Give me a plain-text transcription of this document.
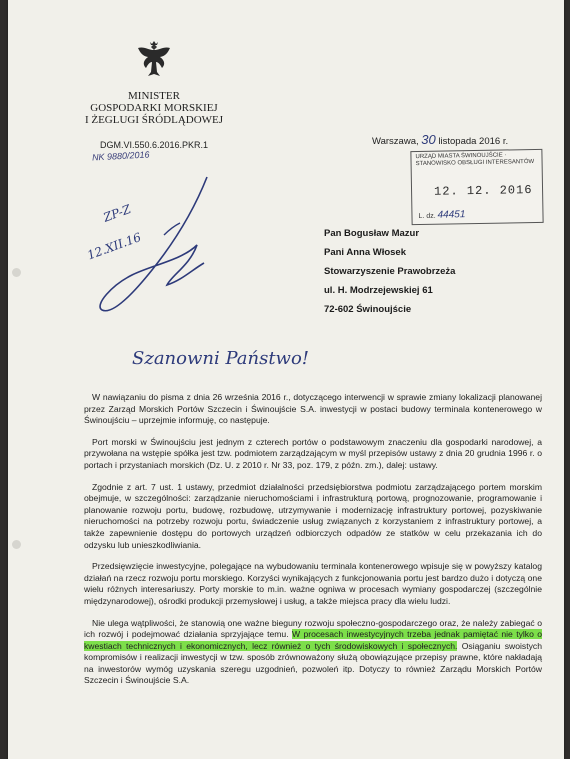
MINISTER
GOSPODARKI MORSKIEJ
I ŻEGLUGI ŚRÓDLĄDOWEJ
DGM.VI.550.6.2016.PKR.1
NK 9880/2016
Warszawa, 30 listopada 2016 r.
URZĄD MIASTA ŚWINOUJŚCIE · STANOWISKO OBSŁUGI INTERESANTÓW
12. 12. 2016
L. dz. 44451
Pan Bogusław Mazur
Pani Anna Włosek
Stowarzyszenie Prawobrzeża
ul. H. Modrzejewskiej 61
72-602 Świnoujście
ZP-Z
12.XII.16
Szanowni Państwo!

W nawiązaniu do pisma z dnia 26 września 2016 r., dotyczącego interwencji w sprawie zmiany lokalizacji planowanej przez Zarząd Morskich Portów Szczecin i Świnoujście S.A. inwestycji w postaci budowy terminala kontenerowego w Świnoujściu – uprzejmie informuję, co następuje.

Port morski w Świnoujściu jest jednym z czterech portów o podstawowym znaczeniu dla gospodarki narodowej, a przywołana na wstępie spółka jest tzw. podmiotem zarządzającym w myśl przepisów ustawy z dnia 20 grudnia 1996 r. o portach i przystaniach morskich (Dz. U. z 2010 r. Nr 33, poz. 179, z późn. zm.), dalej: ustawy.

Zgodnie z art. 7 ust. 1 ustawy, przedmiot działalności przedsiębiorstwa podmiotu zarządzającego portem morskim obejmuje, w szczególności: zarządzanie nieruchomościami i infrastrukturą portową, prognozowanie, programowanie i planowanie rozwoju portu, budowę, rozbudowę, utrzymywanie i modernizację infrastruktury portowej, pozyskiwanie nieruchomości na potrzeby rozwoju portu, świadczenie usług związanych z korzystaniem z infrastruktury portowej, a także zapewnienie dostępu do portowych urządzeń odbiorczych odpadów ze statków w celu przekazania ich do odzysku lub unieszkodliwiania.

Przedsięwzięcie inwestycyjne, polegające na wybudowaniu terminala kontenerowego wpisuje się w powyższy katalog działań na rzecz rozwoju portu morskiego. Korzyści wynikających z funkcjonowania portu jest bardzo dużo i dotyczą one wielu różnych interesariuszy. Porty morskie to m.in. ważne ogniwa w procesach wymiany gospodarczej (szczególnie międzynarodowej), ośrodki produkcji przemysłowej i usług, a także miejsca pracy dla wielu ludzi.

Nie ulega wątpliwości, że stanowią one ważne bieguny rozwoju społeczno-gospodarczego oraz, że należy zabiegać o ich rozwój i podejmować działania sprzyjające temu. W procesach inwestycyjnych trzeba jednak pamiętać nie tylko o kwestiach technicznych i ekonomicznych, lecz również o tych środowiskowych i społecznych. Osiąganiu swoistych kompromisów i realizacji inwestycji w tzw. sposób zrównoważony służą obowiązujące przepisy prawne, które nakładają na inwestorów wymóg uzyskania szeregu uzgodnień, pozwoleń itp. Dotyczy to również Zarządu Morskich Portów Szczecin i Świnoujście S.A.
